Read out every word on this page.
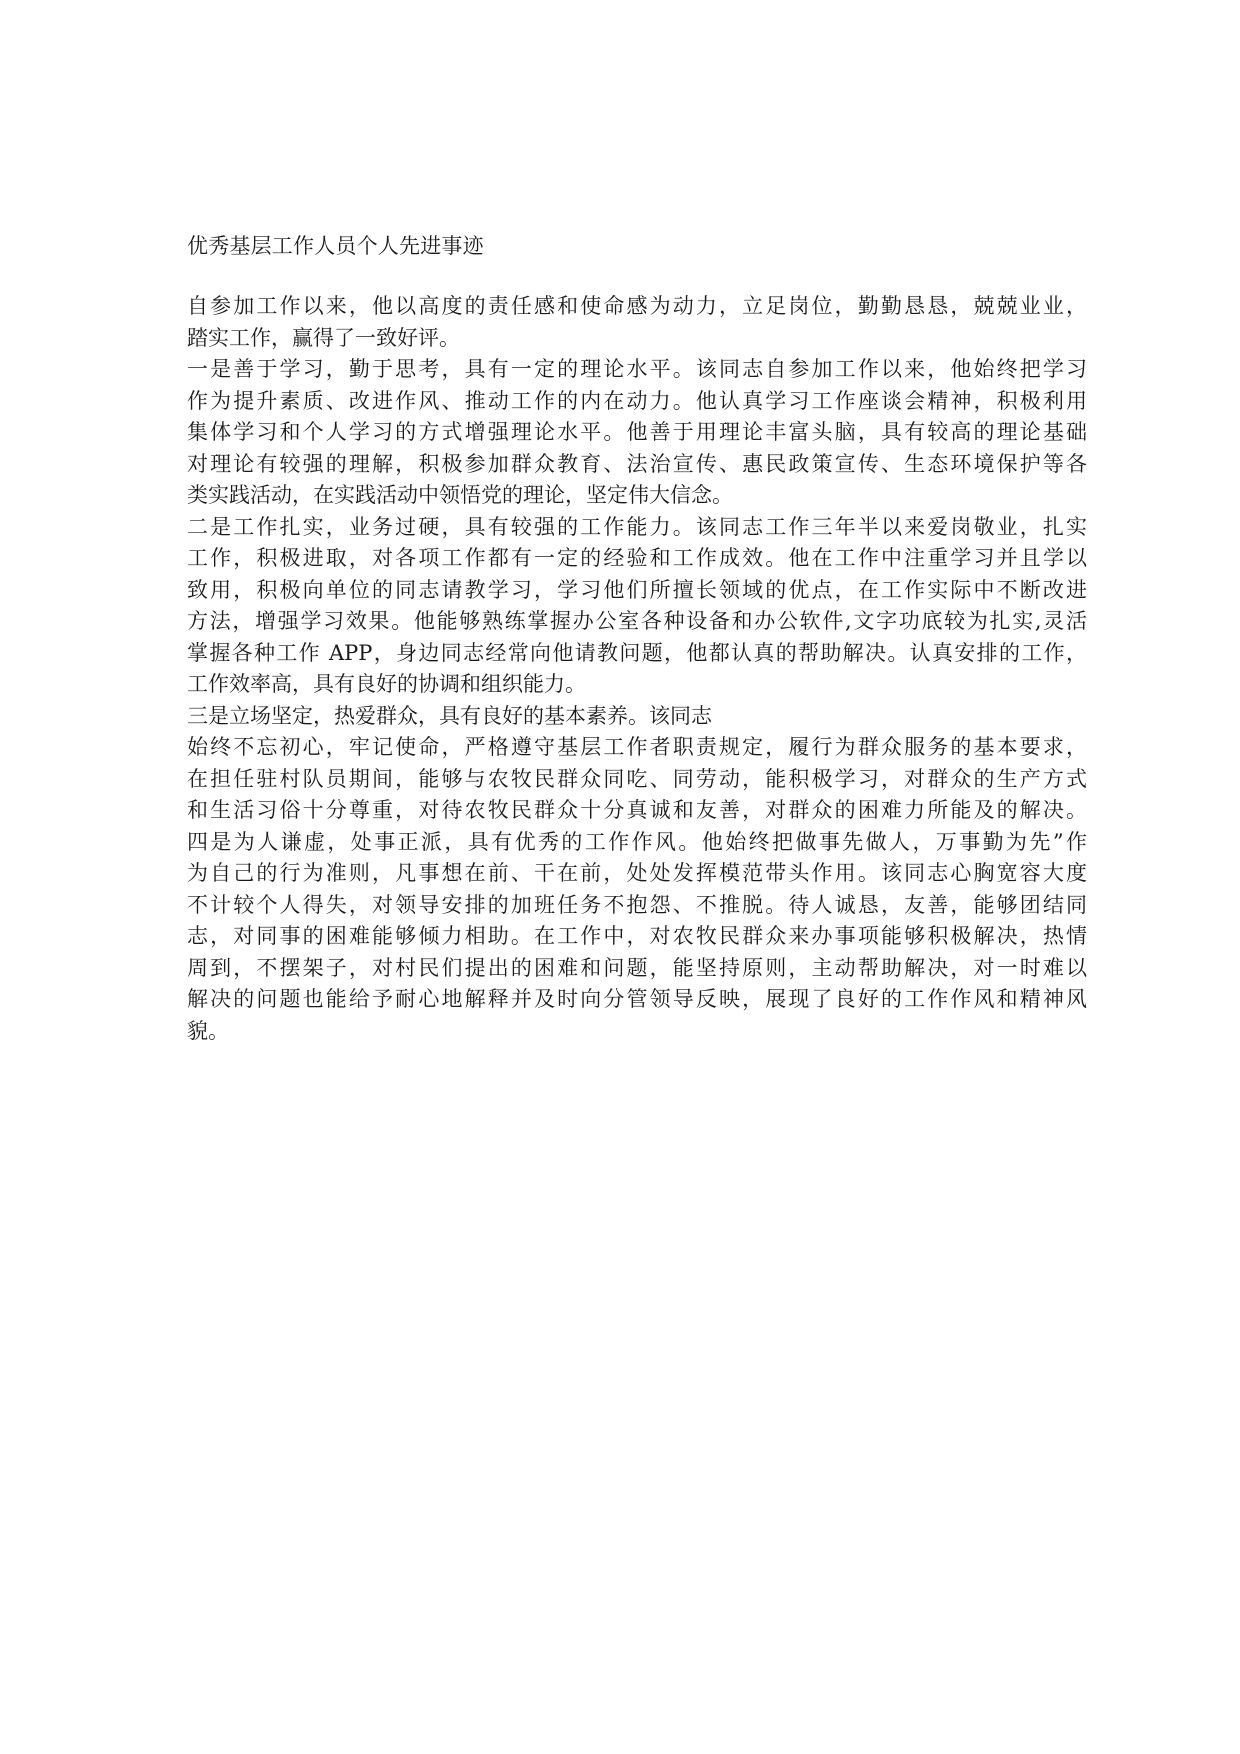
优秀基层工作人员个人先进事迹
自参加工作以来，他以高度的责任感和使命感为动力，立足岗位，勤勤恳恳，兢兢业业，
踏实工作，赢得了一致好评。
一是善于学习，勤于思考，具有一定的理论水平。该同志自参加工作以来，他始终把学习
作为提升素质、改进作风、推动工作的内在动力。他认真学习工作座谈会精神，积极利用
集体学习和个人学习的方式增强理论水平。他善于用理论丰富头脑，具有较高的理论基础
对理论有较强的理解，积极参加群众教育、法治宣传、惠民政策宣传、生态环境保护等各
类实践活动，在实践活动中领悟党的理论，坚定伟大信念。
二是工作扎实，业务过硬，具有较强的工作能力。该同志工作三年半以来爱岗敬业，扎实
工作，积极进取，对各项工作都有一定的经验和工作成效。他在工作中注重学习并且学以
致用，积极向单位的同志请教学习，学习他们所擅长领域的优点，在工作实际中不断改进
方法，增强学习效果。他能够熟练掌握办公室各种设备和办公软件,文字功底较为扎实,灵活
掌握各种工作 APP，身边同志经常向他请教问题，他都认真的帮助解决。认真安排的工作，
工作效率高，具有良好的协调和组织能力。
三是立场坚定，热爱群众，具有良好的基本素养。该同志
始终不忘初心，牢记使命，严格遵守基层工作者职责规定，履行为群众服务的基本要求，
在担任驻村队员期间，能够与农牧民群众同吃、同劳动，能积极学习，对群众的生产方式
和生活习俗十分尊重，对待农牧民群众十分真诚和友善，对群众的困难力所能及的解决。
四是为人谦虚，处事正派，具有优秀的工作作风。他始终把做事先做人，万事勤为先”作
为自己的行为准则，凡事想在前、干在前，处处发挥模范带头作用。该同志心胸宽容大度
不计较个人得失，对领导安排的加班任务不抱怨、不推脱。待人诚恳，友善，能够团结同
志，对同事的困难能够倾力相助。在工作中，对农牧民群众来办事项能够积极解决，热情
周到，不摆架子，对村民们提出的困难和问题，能坚持原则，主动帮助解决，对一时难以
解决的问题也能给予耐心地解释并及时向分管领导反映，展现了良好的工作作风和精神风
貌。
